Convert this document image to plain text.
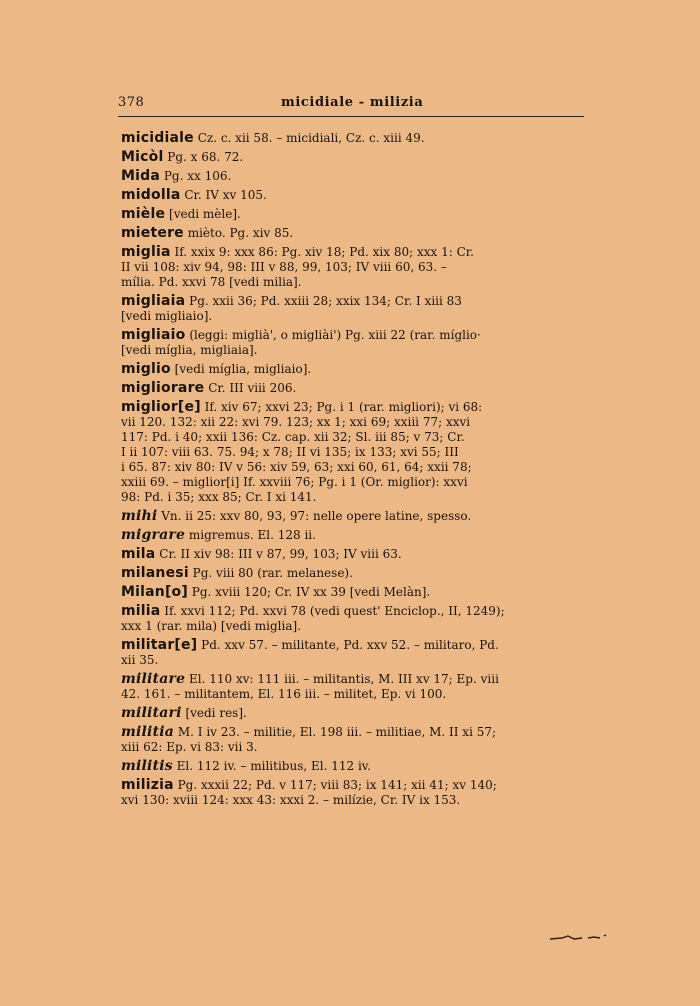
378	micidiale - milizia
micidiale Cz. c. xii 58. – micidiali, Cz. c. xiii 49.
Micòl Pg. x 68. 72.
Mida Pg. xx 106.
midolla Cr. IV xv 105.
mièle [vedi mèle].
mietere mièto. Pg. xiv 85.
miglia If. xxix 9: xxx 86: Pg. xiv 18; Pd. xix 80; xxx 1: Cr.
II vii 108: xiv 94, 98: III v 88, 99, 103; IV viii 60, 63. –
mília. Pd. xxvi 78 [vedi milia].
migliaia Pg. xxii 36; Pd. xxiii 28; xxix 134; Cr. I xiii 83
[vedi migliaio].
migliaio (leggi: miglià', o migliài') Pg. xiii 22 (rar. míglio·
[vedi míglia, migliaia].
miglio [vedi míglia, migliaio].
migliorare Cr. III viii 206.
miglior[e] If. xiv 67; xxvi 23; Pg. i 1 (rar. migliori); vi 68:
vii 120. 132: xii 22: xvi 79. 123; xx 1; xxi 69; xxiii 77; xxvi
117: Pd. i 40; xxii 136: Cz. cap. xii 32; Sl. iii 85; v 73; Cr.
I ii 107: viii 63. 75. 94; x 78; II vi 135; ix 133; xvi 55; III
i 65. 87: xiv 80: IV v 56: xiv 59, 63; xxi 60, 61, 64; xxii 78;
xxiii 69. – miglior[i] If. xxviii 76; Pg. i 1 (Or. miglior): xxvi
98: Pd. i 35; xxx 85; Cr. I xi 141.
mihi Vn. ii 25: xxv 80, 93, 97: nelle opere latine, spesso.
migrare migremus. El. 128 ii.
mila Cr. II xiv 98: III v 87, 99, 103; IV viii 63.
milanesi Pg. viii 80 (rar. melanese).
Milan[o] Pg. xviii 120; Cr. IV xx 39 [vedi Melàn].
milia If. xxvi 112; Pd. xxvi 78 (vedi quest' Enciclop., II, 1249);
xxx 1 (rar. mila) [vedi miglia].
militar[e] Pd. xxv 57. – militante, Pd. xxv 52. – militaro, Pd.
xii 35.
militare El. 110 xv: 111 iii. – militantis, M. III xv 17; Ep. viii
42. 161. – militantem, El. 116 iii. – militet, Ep. vi 100.
militari [vedi res].
militia M. I iv 23. – militie, El. 198 iii. – militiae, M. II xi 57;
xiii 62: Ep. vi 83: vii 3.
militis El. 112 iv. – militibus, El. 112 iv.
milizia Pg. xxxii 22; Pd. v 117; viii 83; ix 141; xii 41; xv 140;
xvi 130: xviii 124: xxx 43: xxxi 2. – milízie, Cr. IV ix 153.
